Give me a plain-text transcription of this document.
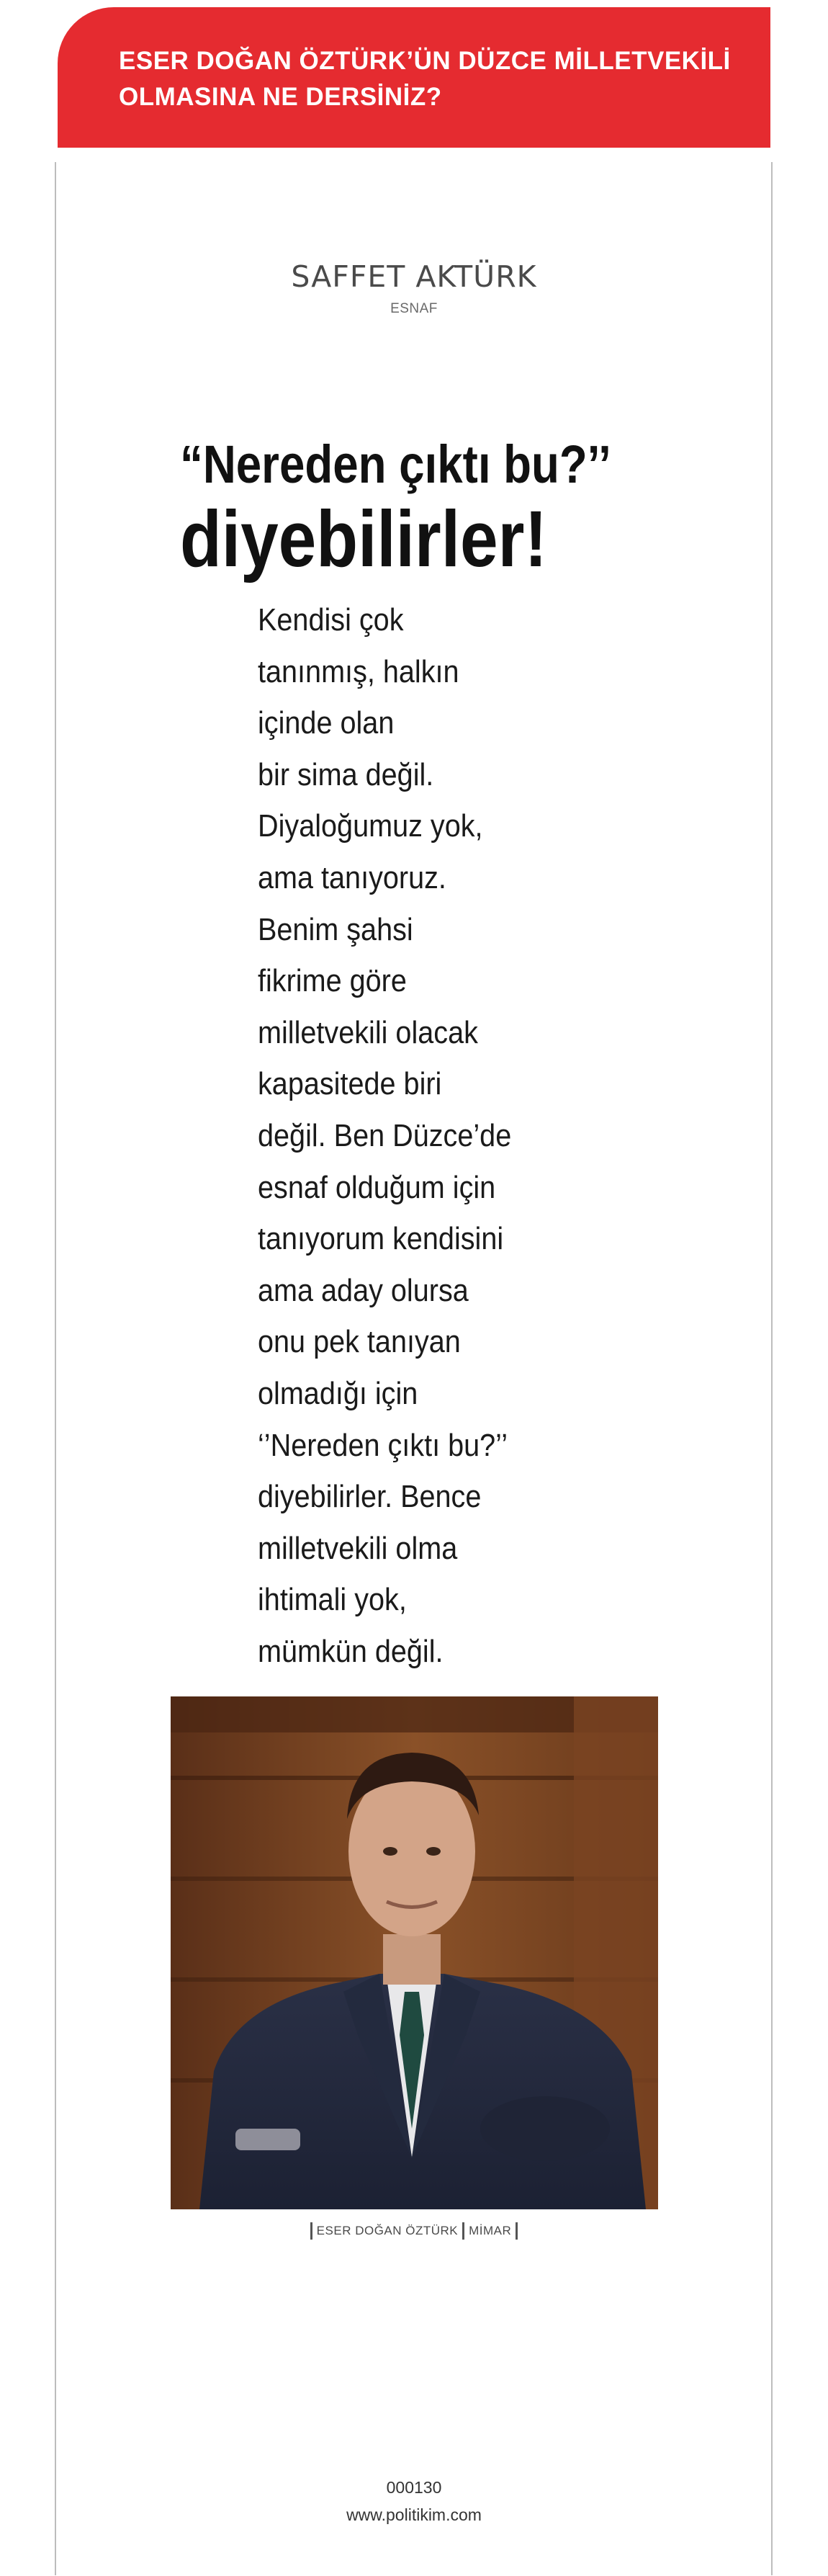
ESER DOĞAN ÖZTÜRK’ÜN DÜZCE MİLLETVEKİLİ
OLMASINA NE DERSİNİZ?

SAFFET AKTÜRK
ESNAF
“Nereden çıktı bu?’’
diyebilirler!
Kendisi çok
tanınmış, halkın
içinde olan
bir sima değil.
Diyaloğumuz yok,
ama tanıyoruz.
Benim şahsi
fikrime göre
milletvekili olacak
kapasitede biri
değil. Ben Düzce’de
esnaf olduğum için
tanıyorum kendisini
ama aday olursa
onu pek tanıyan
olmadığı için
‘’Nereden çıktı bu?’’
diyebilirler. Bence
milletvekili olma
ihtimali yok,
mümkün değil.
ESER DOĞAN ÖZTÜRK MİMAR
000130
www.politikim.com
